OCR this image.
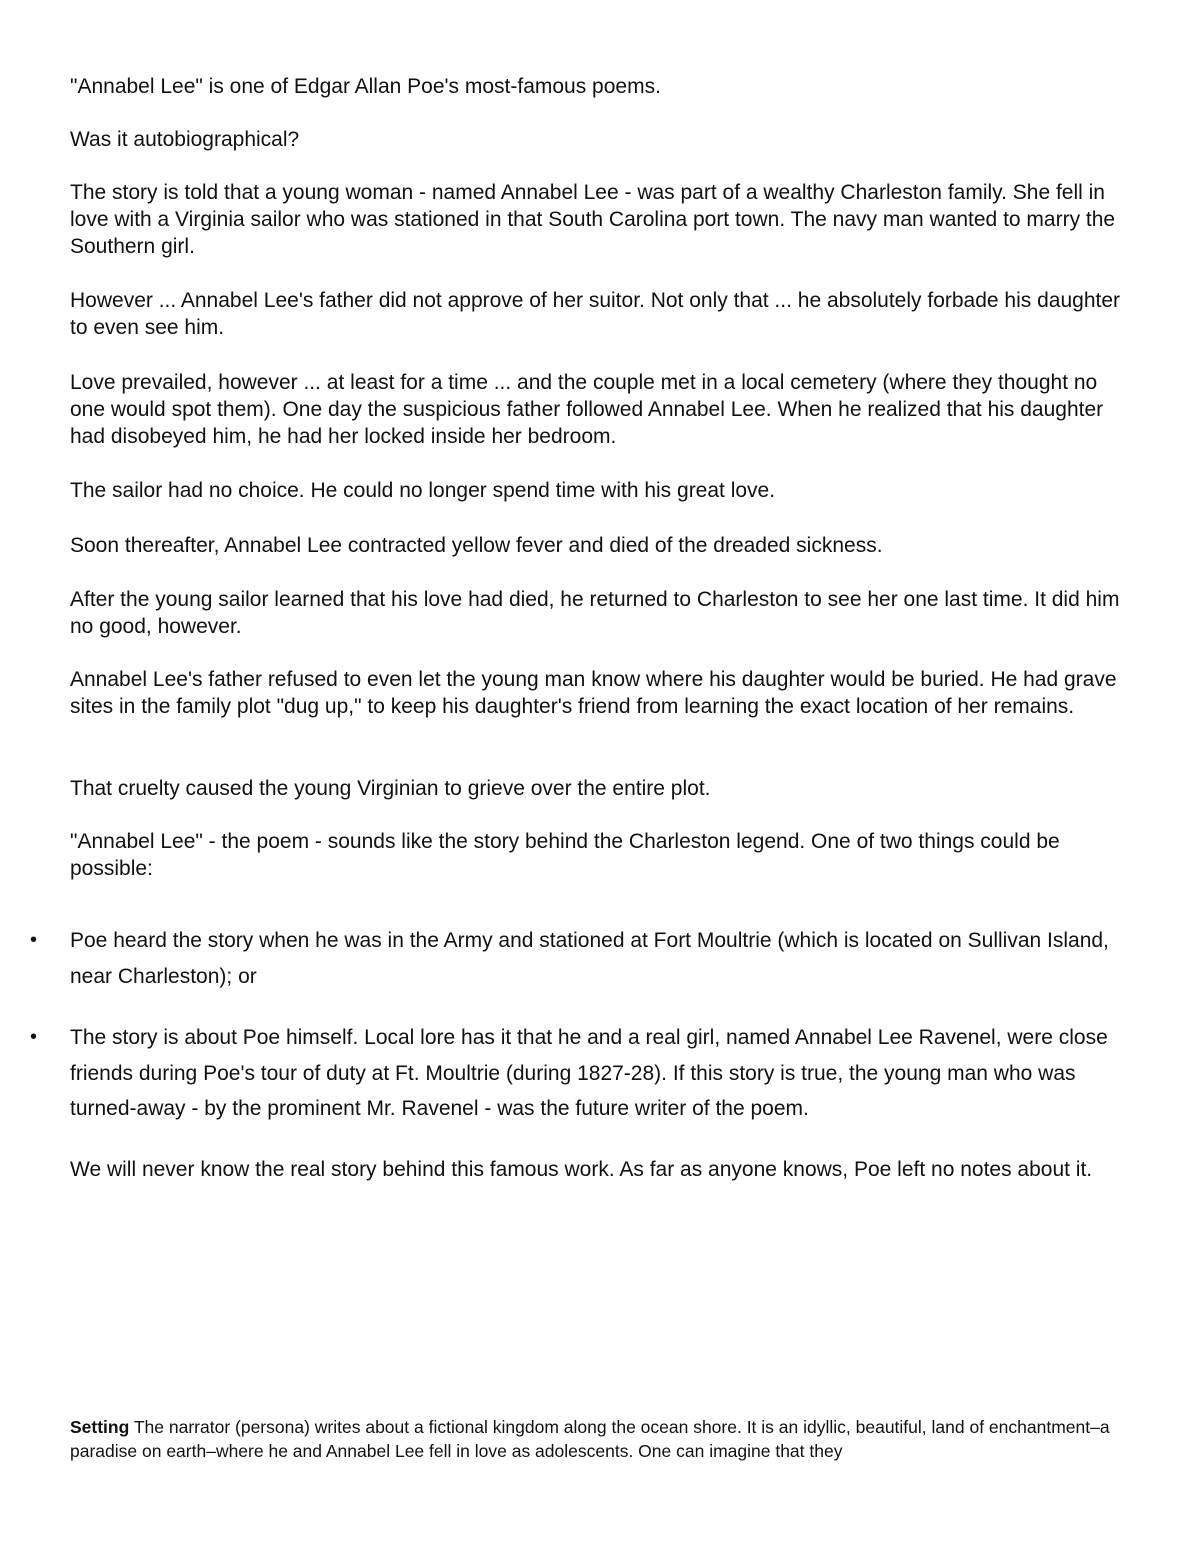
"Annabel Lee" is one of Edgar Allan Poe's most-famous poems.

Was it autobiographical?

The story is told that a young woman - named Annabel Lee - was part of a wealthy Charleston family. She fell in love with a Virginia sailor who was stationed in that South Carolina port town. The navy man wanted to marry the Southern girl.

However ... Annabel Lee's father did not approve of her suitor. Not only that ... he absolutely forbade his daughter to even see him.

Love prevailed, however ... at least for a time ... and the couple met in a local cemetery (where they thought no one would spot them). One day the suspicious father followed Annabel Lee. When he realized that his daughter had disobeyed him, he had her locked inside her bedroom.

The sailor had no choice. He could no longer spend time with his great love.

Soon thereafter, Annabel Lee contracted yellow fever and died of the dreaded sickness.

After the young sailor learned that his love had died, he returned to Charleston to see her one last time. It did him no good, however.

Annabel Lee's father refused to even let the young man know where his daughter would be buried. He had grave sites in the family plot "dug up," to keep his daughter's friend from learning the exact location of her remains.

That cruelty caused the young Virginian to grieve over the entire plot.

"Annabel Lee" - the poem - sounds like the story behind the Charleston legend. One of two things could be possible:

• Poe heard the story when he was in the Army and stationed at Fort Moultrie (which is located on Sullivan Island, near Charleston); or
• The story is about Poe himself. Local lore has it that he and a real girl, named Annabel Lee Ravenel, were close friends during Poe's tour of duty at Ft. Moultrie (during 1827-28). If this story is true, the young man who was turned-away - by the prominent Mr. Ravenel - was the future writer of the poem.

We will never know the real story behind this famous work. As far as anyone knows, Poe left no notes about it.

Setting The narrator (persona) writes about a fictional kingdom along the ocean shore. It is an idyllic, beautiful, land of enchantment–a paradise on earth–where he and Annabel Lee fell in love as adolescents. One can imagine that they
